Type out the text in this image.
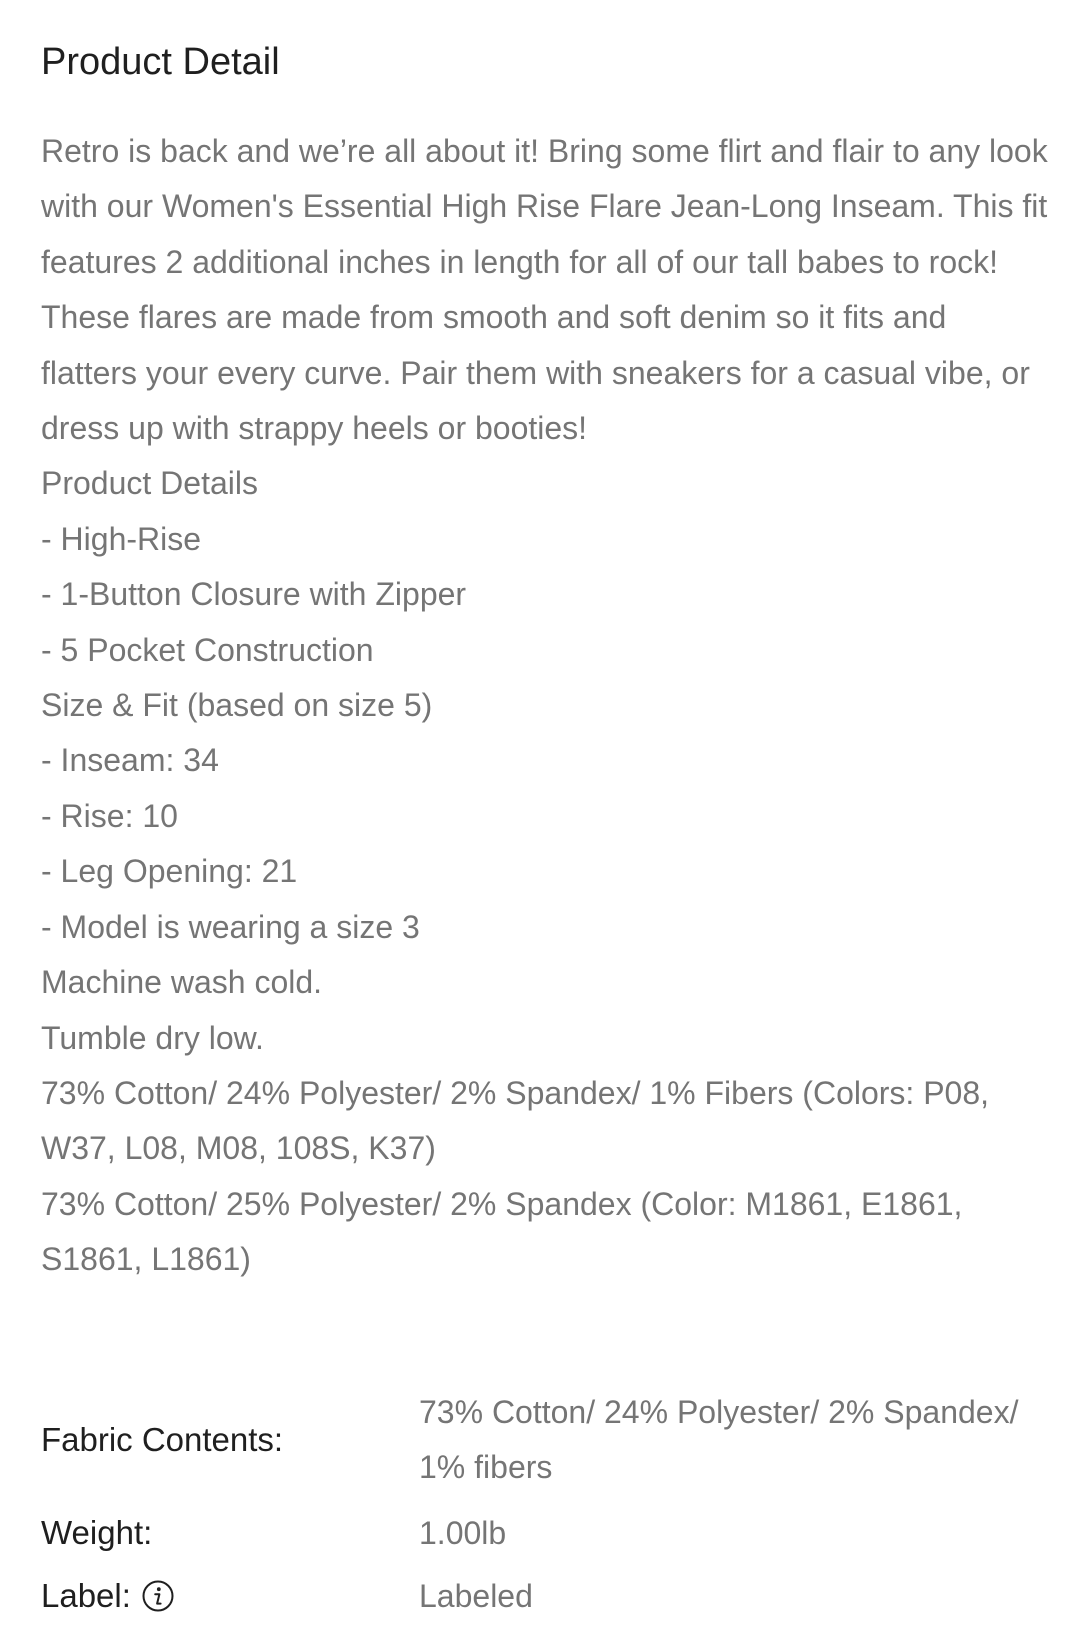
Product Detail

Retro is back and we’re all about it! Bring some flirt and flair to any look with our Women's Essential High Rise Flare Jean-Long Inseam. This fit features 2 additional inches in length for all of our tall babes to rock! These flares are made from smooth and soft denim so it fits and flatters your every curve. Pair them with sneakers for a casual vibe, or dress up with strappy heels or booties!

Product Details

- High-Rise

- 1-Button Closure with Zipper

- 5 Pocket Construction

Size & Fit (based on size 5)

- Inseam: 34

- Rise: 10

- Leg Opening: 21

- Model is wearing a size 3

Machine wash cold.

Tumble dry low.

73% Cotton/ 24% Polyester/ 2% Spandex/ 1% Fibers (Colors: P08, W37, L08, M08, 108S, K37)

73% Cotton/ 25% Polyester/ 2% Spandex (Color: M1861, E1861, S1861, L1861)

Fabric Contents:
73% Cotton/ 24% Polyester/ 2% Spandex/ 1% fibers
Weight:	1.00lb
Label:	Labeled
